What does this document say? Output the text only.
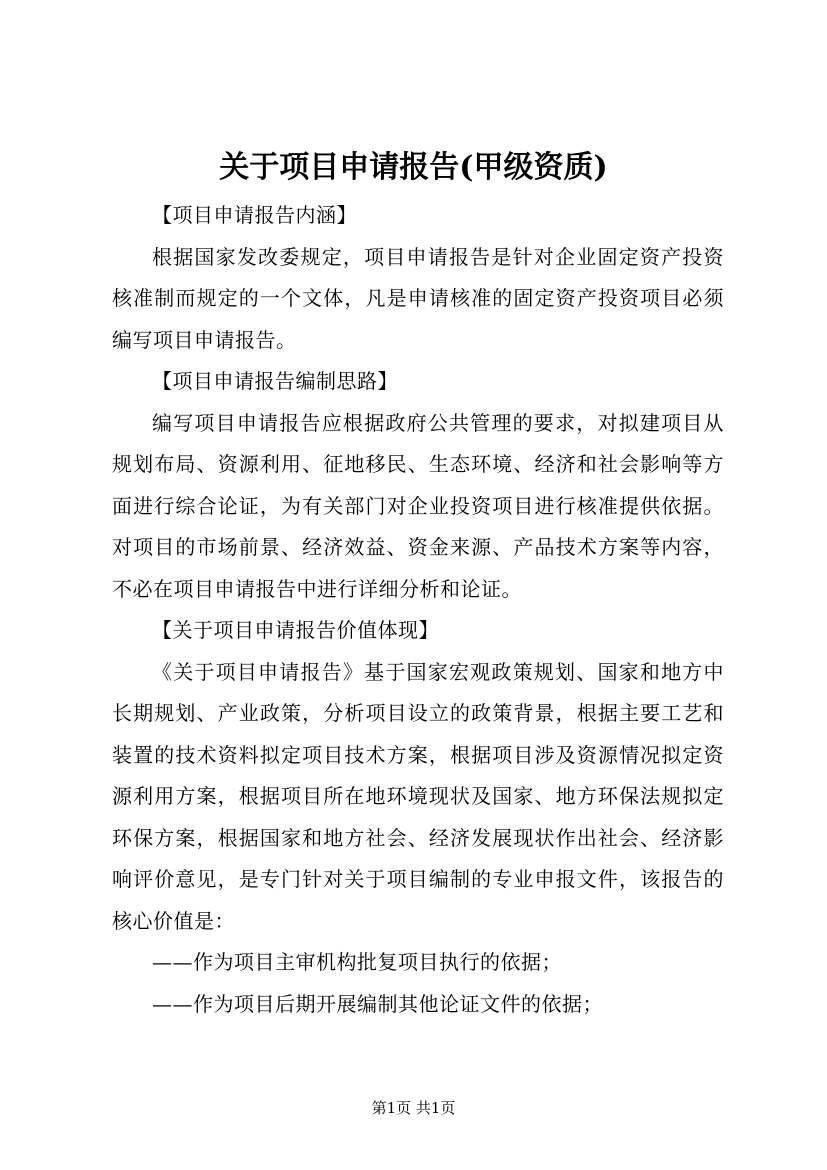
关于项目申请报告(甲级资质)

【项目申请报告内涵】

根据国家发改委规定，项目申请报告是针对企业固定资产投资核准制而规定的一个文体，凡是申请核准的固定资产投资项目必须编写项目申请报告。

【项目申请报告编制思路】

编写项目申请报告应根据政府公共管理的要求，对拟建项目从规划布局、资源利用、征地移民、生态环境、经济和社会影响等方面进行综合论证，为有关部门对企业投资项目进行核准提供依据。对项目的市场前景、经济效益、资金来源、产品技术方案等内容，不必在项目申请报告中进行详细分析和论证。

【关于项目申请报告价值体现】

《关于项目申请报告》基于国家宏观政策规划、国家和地方中长期规划、产业政策，分析项目设立的政策背景，根据主要工艺和装置的技术资料拟定项目技术方案，根据项目涉及资源情况拟定资源利用方案，根据项目所在地环境现状及国家、地方环保法规拟定环保方案，根据国家和地方社会、经济发展现状作出社会、经济影响评价意见，是专门针对关于项目编制的专业申报文件，该报告的核心价值是：

——作为项目主审机构批复项目执行的依据；

——作为项目后期开展编制其他论证文件的依据；

第1页 共1页
